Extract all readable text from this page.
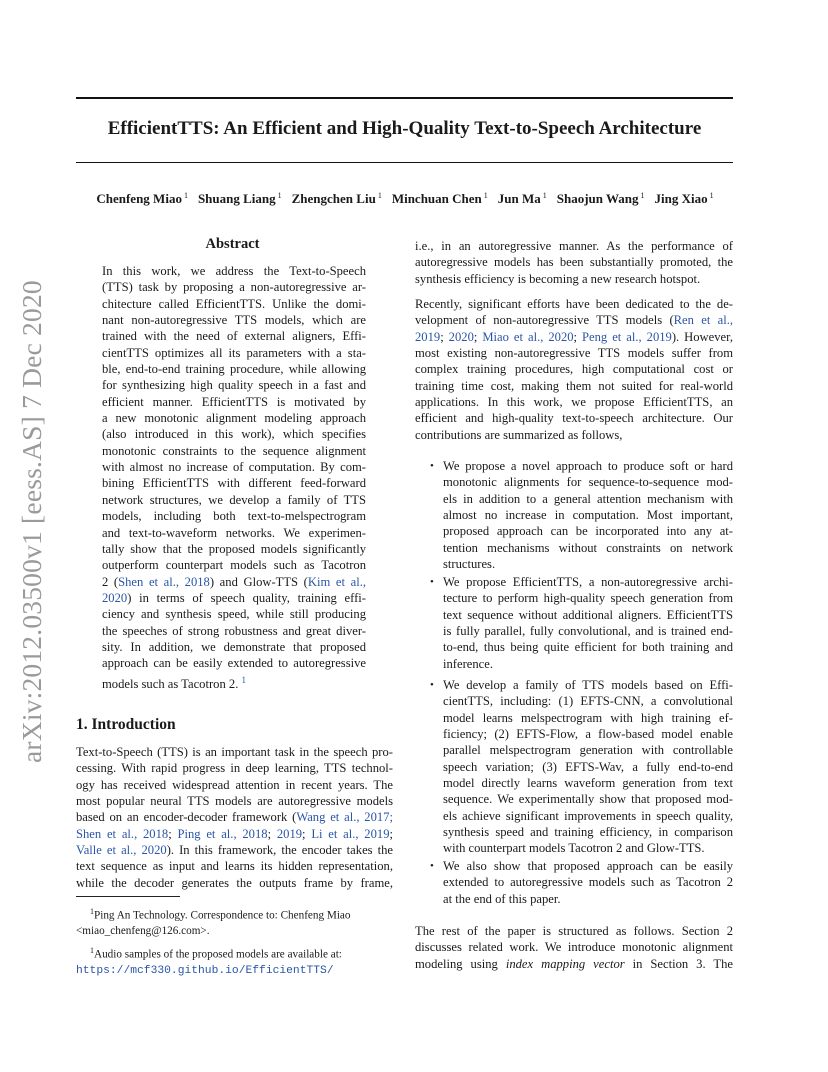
EfficientTTS: An Efficient and High-Quality Text-to-Speech Architecture
Chenfeng Miao $^1$ Shuang Liang $^1$ Zhengchen Liu $^1$ Minchuan Chen $^1$ Jun Ma $^1$ Shaojun Wang $^1$ Jing Xiao $^1$
arXiv:2012.03500v1 [eess.AS] 7 Dec 2020
Abstract
In this work, we address the Text-to-Speech
(TTS) task by proposing a non-autoregressive ar-
chitecture called EfficientTTS. Unlike the domi-
nant non-autoregressive TTS models, which are
trained with the need of external aligners, Effi-
cientTTS optimizes all its parameters with a sta-
ble, end-to-end training procedure, while allowing
for synthesizing high quality speech in a fast and
efficient manner. EfficientTTS is motivated by
a new monotonic alignment modeling approach
(also introduced in this work), which specifies
monotonic constraints to the sequence alignment
with almost no increase of computation. By com-
bining EfficientTTS with different feed-forward
network structures, we develop a family of TTS
models, including both text-to-melspectrogram
and text-to-waveform networks. We experimen-
tally show that the proposed models significantly
outperform counterpart models such as Tacotron
2 (Shen et al., 2018) and Glow-TTS (Kim et al.,
2020) in terms of speech quality, training effi-
ciency and synthesis speed, while still producing
the speeches of strong robustness and great diver-
sity. In addition, we demonstrate that proposed
approach can be easily extended to autoregressive
models such as Tacotron 2. $^1$
1. Introduction
Text-to-Speech (TTS) is an important task in the speech pro-
cessing. With rapid progress in deep learning, TTS technol-
ogy has received widespread attention in recent years. The
most popular neural TTS models are autoregressive models
based on an encoder-decoder framework (Wang et al., 2017;
Shen et al., 2018; Ping et al., 2018; 2019; Li et al., 2019;
Valle et al., 2020). In this framework, the encoder takes the
text sequence as input and learns its hidden representation,
while the decoder generates the outputs frame by frame,
$^1$Ping An Technology. Correspondence to: Chenfeng Miao
<miao_chenfeng@126.com>.
$^1$Audio samples of the proposed models are available at:
https://mcf330.github.io/EfficientTTS/
i.e., in an autoregressive manner. As the performance of
autoregressive models has been substantially promoted, the
synthesis efficiency is becoming a new research hotspot.
Recently, significant efforts have been dedicated to the de-
velopment of non-autoregressive TTS models (Ren et al.,
2019; 2020; Miao et al., 2020; Peng et al., 2019). However,
most existing non-autoregressive TTS models suffer from
complex training procedures, high computational cost or
training time cost, making them not suited for real-world
applications. In this work, we propose EfficientTTS, an
efficient and high-quality text-to-speech architecture. Our
contributions are summarized as follows,
• We propose a novel approach to produce soft or hard
monotonic alignments for sequence-to-sequence mod-
els in addition to a general attention mechanism with
almost no increase in computation. Most important,
proposed approach can be incorporated into any at-
tention mechanisms without constraints on network
structures.
• We propose EfficientTTS, a non-autoregressive archi-
tecture to perform high-quality speech generation from
text sequence without additional aligners. EfficientTTS
is fully parallel, fully convolutional, and is trained end-
to-end, thus being quite efficient for both training and
inference.
• We develop a family of TTS models based on Effi-
cientTTS, including: (1) EFTS-CNN, a convolutional
model learns melspectrogram with high training ef-
ficiency; (2) EFTS-Flow, a flow-based model enable
parallel melspectrogram generation with controllable
speech variation; (3) EFTS-Wav, a fully end-to-end
model directly learns waveform generation from text
sequence. We experimentally show that proposed mod-
els achieve significant improvements in speech quality,
synthesis speed and training efficiency, in comparison
with counterpart models Tacotron 2 and Glow-TTS.
• We also show that proposed approach can be easily
extended to autoregressive models such as Tacotron 2
at the end of this paper.
The rest of the paper is structured as follows. Section 2
discusses related work. We introduce monotonic alignment
modeling using index mapping vector in Section 3. The
